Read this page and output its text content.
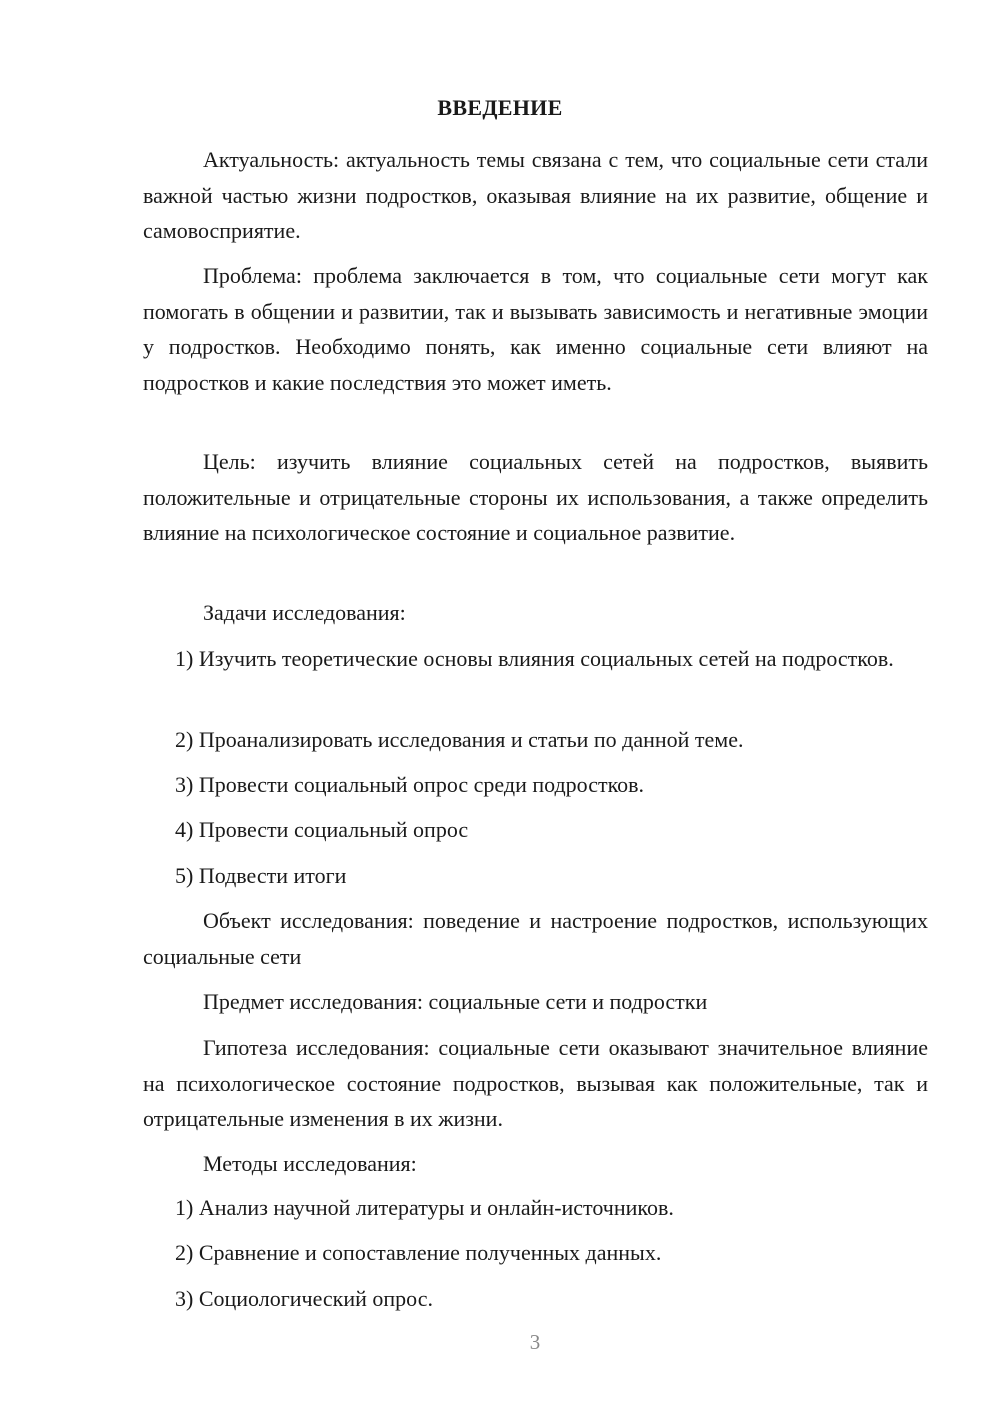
ВВЕДЕНИЕ
Актуальность: актуальность темы связана с тем, что социальные сети стали важной частью жизни подростков, оказывая влияние на их развитие, общение и самовосприятие.
Проблема: проблема заключается в том, что социальные сети могут как помогать в общении и развитии, так и вызывать зависимость и негативные эмоции у подростков. Необходимо понять, как именно социальные сети влияют на подростков и какие последствия это может иметь.
Цель: изучить влияние социальных сетей на подростков, выявить положительные и отрицательные стороны их использования, а также определить влияние на психологическое состояние и социальное развитие.
Задачи исследования:
1) Изучить теоретические основы влияния социальных сетей на подростков.
2) Проанализировать исследования и статьи по данной теме.
3) Провести социальный опрос среди подростков.
4) Провести социальный опрос
5) Подвести итоги
Объект исследования: поведение и настроение подростков, использующих социальные сети
Предмет исследования: социальные сети и подростки
Гипотеза исследования: социальные сети оказывают значительное влияние на психологическое состояние подростков, вызывая как положительные, так и отрицательные изменения в их жизни.
Методы исследования:
1) Анализ научной литературы и онлайн-источников.
2) Сравнение и сопоставление полученных данных.
3) Социологический опрос.
3
